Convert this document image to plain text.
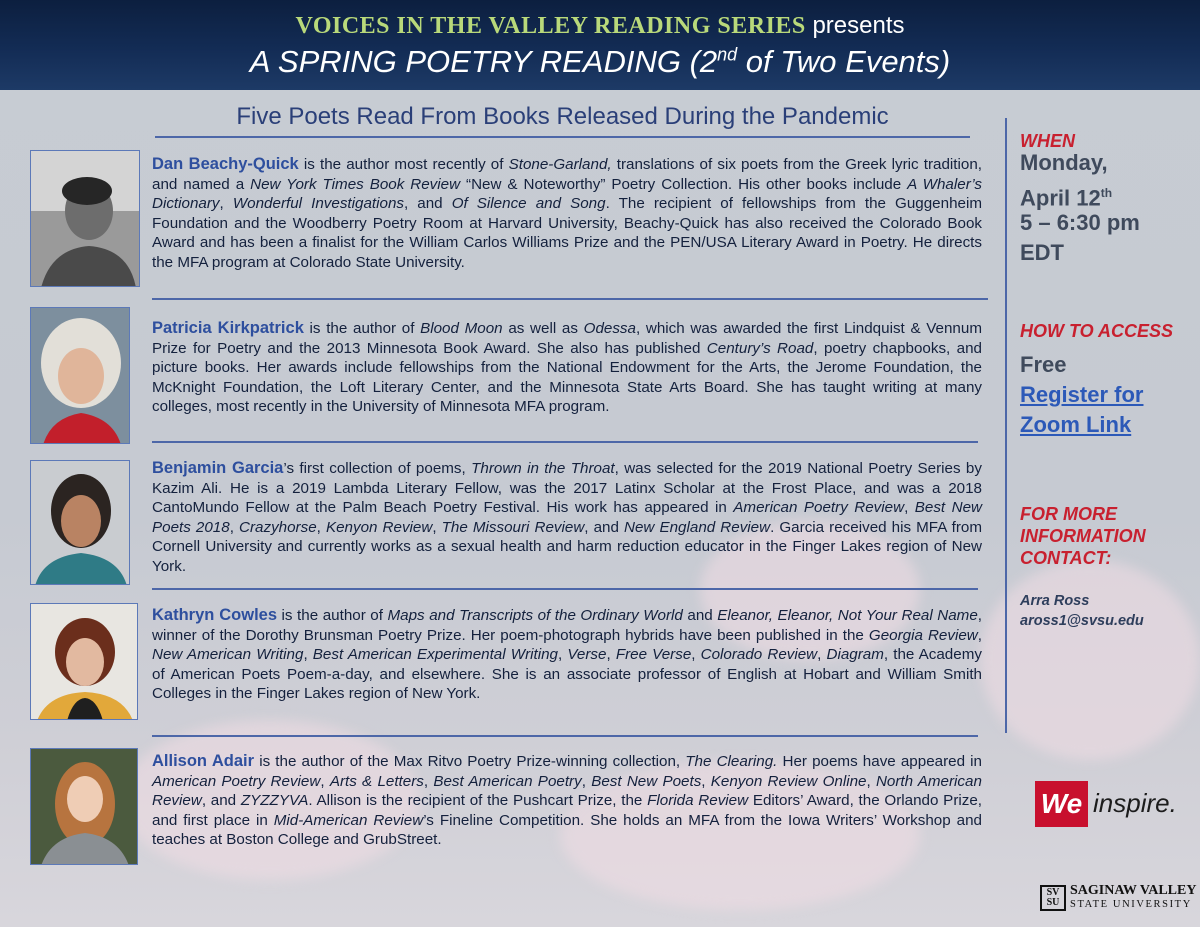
VOICES IN THE VALLEY READING SERIES presents
A SPRING POETRY READING (2nd of Two Events)
Five Poets Read From Books Released During the Pandemic
Dan Beachy-Quick is the author most recently of Stone-Garland, translations of six poets from the Greek lyric tradition, and named a New York Times Book Review “New & Noteworthy” Poetry Collection. His other books include A Whaler’s Dictionary, Wonderful Investigations, and Of Silence and Song. The recipient of fellowships from the Guggenheim Foundation and the Woodberry Poetry Room at Harvard University, Beachy-Quick has also received the Colorado Book Award and has been a finalist for the William Carlos Williams Prize and the PEN/USA Literary Award in Poetry. He directs the MFA program at Colorado State University.
Patricia Kirkpatrick is the author of Blood Moon as well as Odessa, which was awarded the first Lindquist & Vennum Prize for Poetry and the 2013 Minnesota Book Award. She also has published Century’s Road, poetry chapbooks, and picture books. Her awards include fellowships from the National Endowment for the Arts, the Jerome Foundation, the McKnight Foundation, the Loft Literary Center, and the Minnesota State Arts Board. She has taught writing at many colleges, most recently in the University of Minnesota MFA program.
Benjamin Garcia’s first collection of poems, Thrown in the Throat, was selected for the 2019 National Poetry Series by Kazim Ali. He is a 2019 Lambda Literary Fellow, was the 2017 Latinx Scholar at the Frost Place, and was a 2018 CantoMundo Fellow at the Palm Beach Poetry Festival. His work has appeared in American Poetry Review, Best New Poets 2018, Crazyhorse, Kenyon Review, The Missouri Review, and New England Review. Garcia received his MFA from Cornell University and currently works as a sexual health and harm reduction educator in the Finger Lakes region of New York.
Kathryn Cowles is the author of Maps and Transcripts of the Ordinary World and Eleanor, Eleanor, Not Your Real Name, winner of the Dorothy Brunsman Poetry Prize. Her poem-photograph hybrids have been published in the Georgia Review, New American Writing, Best American Experimental Writing, Verse, Free Verse, Colorado Review, Diagram, the Academy of American Poets Poem-a-day, and elsewhere. She is an associate professor of English at Hobart and William Smith Colleges in the Finger Lakes region of New York.
Allison Adair is the author of the Max Ritvo Poetry Prize-winning collection, The Clearing. Her poems have appeared in American Poetry Review, Arts & Letters, Best American Poetry, Best New Poets, Kenyon Review Online, North American Review, and ZYZZYVA. Allison is the recipient of the Pushcart Prize, the Florida Review Editors’ Award, the Orlando Prize, and first place in Mid-American Review’s Fineline Competition. She holds an MFA from the Iowa Writers’ Workshop and teaches at Boston College and GrubStreet.
WHEN
Monday,
April 12th
5 – 6:30 pm
EDT
HOW TO ACCESS
Free
Register for
Zoom Link
FOR MORE
INFORMATION
CONTACT:
Arra Ross
aross1@svsu.edu
We inspire.
SV
SU
SAGINAW VALLEY
STATE UNIVERSITY
